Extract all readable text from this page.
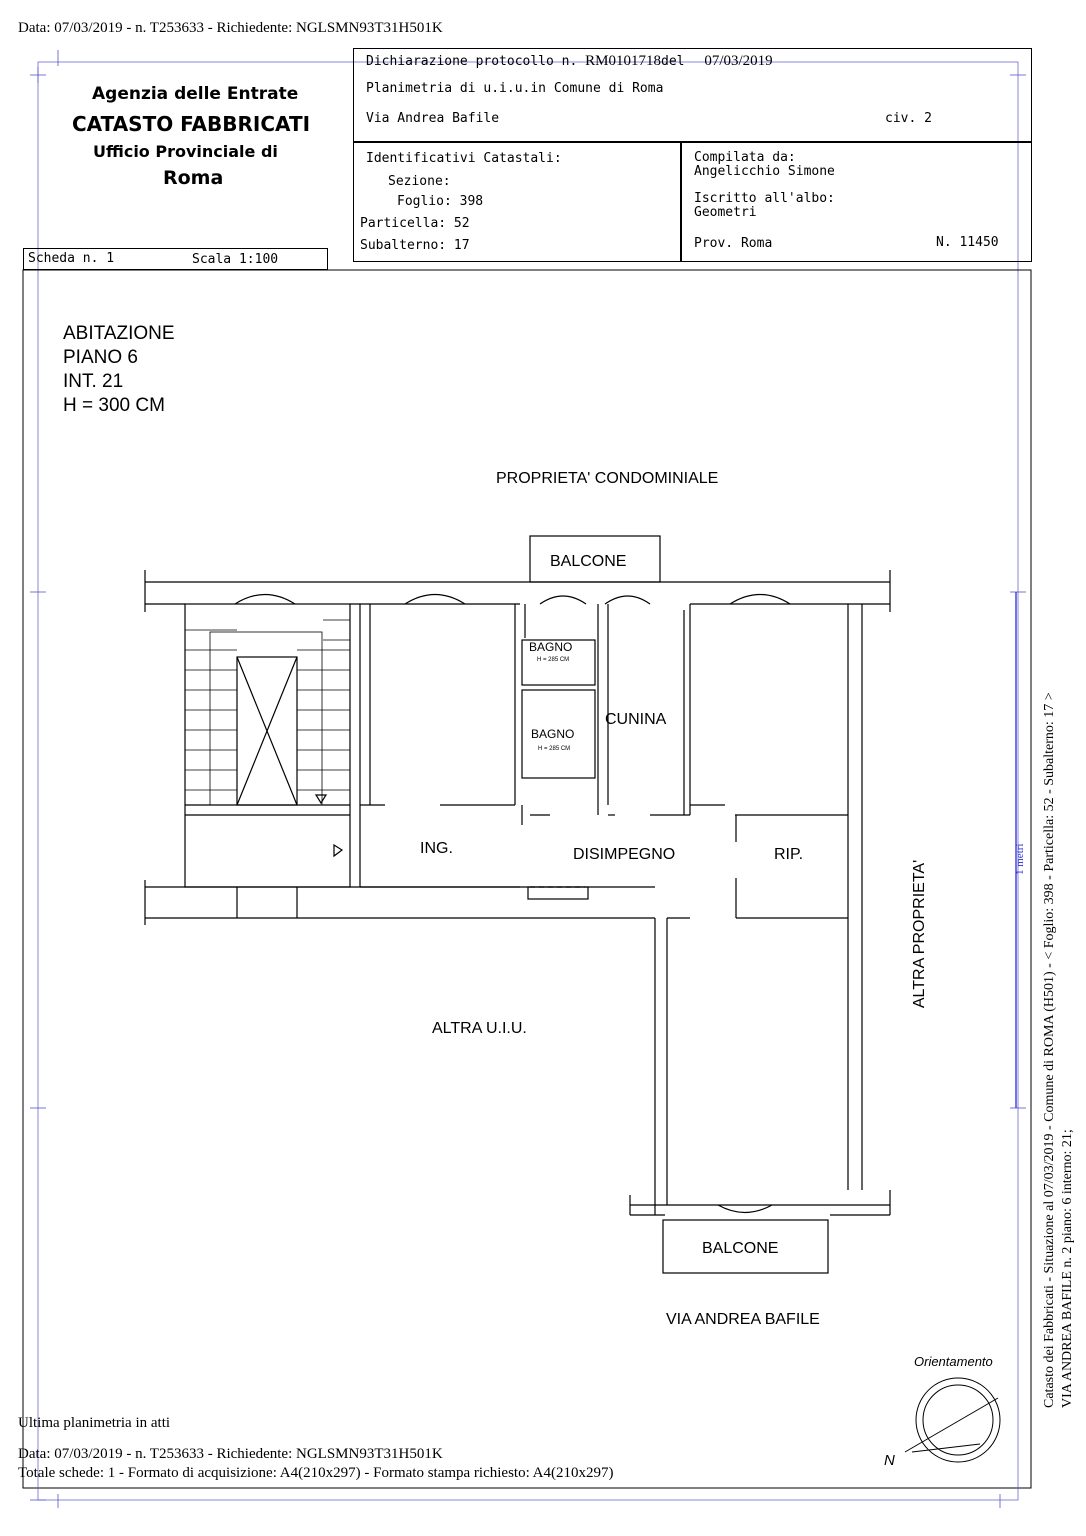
Data: 07/03/2019 - n. T253633 - Richiedente: NGLSMN93T31H501K
Agenzia delle Entrate
CATASTO FABBRICATI
Ufficio Provinciale di
Roma
Scheda n. 1	Scala 1:100
Dichiarazione protocollo n. RM0101718del 07/03/2019
Planimetria di u.i.u.in Comune di Roma
Via Andrea Bafile	civ. 2
Identificativi Catastali:
Sezione:
Foglio: 398
Particella: 52
Subalterno: 17
Compilata da:
Angelicchio Simone
Iscritto all'albo:
Geometri
Prov. Roma	N. 11450
ABITAZIONE
PIANO 6
INT. 21
H = 300 CM
PROPRIETA' CONDOMINIALE
BALCONE
BAGNO
H = 285 CM
BAGNO
H = 285 CM
CUNINA
ING.	DISIMPEGNO	RIP.
ALTRA U.I.U.
ALTRA PROPRIETA'
BALCONE
VIA ANDREA BAFILE
Orientamento
N
Catasto dei Fabbricati - Situazione al 07/03/2019 - Comune di ROMA (H501) - < Foglio: 398 - Particella: 52 - Subalterno: 17 > VIA ANDREA BAFILE n. 2 piano: 6 interno: 21;
1 metri
Ultima planimetria in atti
Data: 07/03/2019 - n. T253633 - Richiedente: NGLSMN93T31H501K
Totale schede: 1 - Formato di acquisizione: A4(210x297) - Formato stampa richiesto: A4(210x297)
